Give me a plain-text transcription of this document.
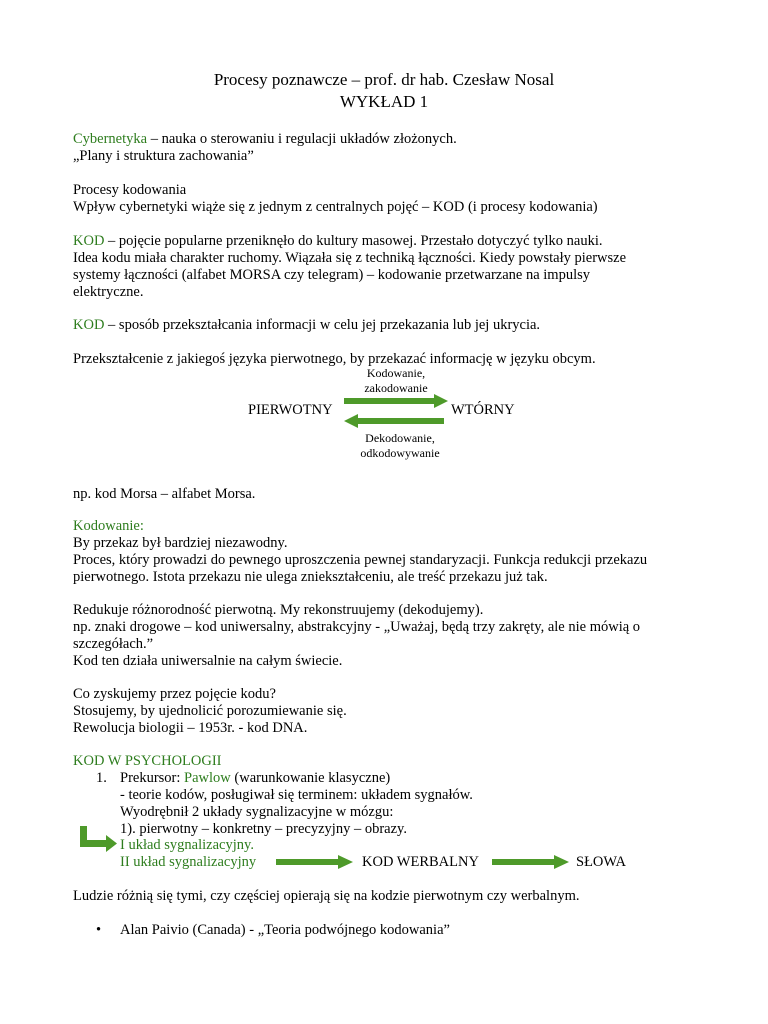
Procesy poznawcze – prof. dr hab. Czesław Nosal
WYKŁAD 1
Cybernetyka – nauka o sterowaniu i regulacji układów złożonych.
„Plany i struktura zachowania”
Procesy kodowania
Wpływ cybernetyki wiąże się z jednym z centralnych pojęć – KOD (i procesy kodowania)
KOD – pojęcie popularne przeniknęło do kultury masowej. Przestało dotyczyć tylko nauki.
Idea kodu miała charakter ruchomy. Wiązała się z techniką łączności. Kiedy powstały pierwsze
systemy łączności (alfabet MORSA czy telegram) – kodowanie przetwarzane na impulsy
elektryczne.
KOD – sposób przekształcania informacji w celu jej przekazania lub jej ukrycia.
Przekształcenie z jakiegoś języka pierwotnego, by przekazać informację w języku obcym.
Kodowanie,
zakodowanie
PIERWOTNY	WTÓRNY
Dekodowanie,
odkodowywanie
np. kod Morsa – alfabet Morsa.
Kodowanie:
By przekaz był bardziej niezawodny.
Proces, który prowadzi do pewnego uproszczenia pewnej standaryzacji. Funkcja redukcji przekazu
pierwotnego. Istota przekazu nie ulega zniekształceniu, ale treść przekazu już tak.
Redukuje różnorodność pierwotną. My rekonstruujemy (dekodujemy).
np. znaki drogowe – kod uniwersalny, abstrakcyjny - „Uważaj, będą trzy zakręty, ale nie mówią o
szczegółach.”
Kod ten działa uniwersalnie na całym świecie.
Co zyskujemy przez pojęcie kodu?
Stosujemy, by ujednolicić porozumiewanie się.
Rewolucja biologii – 1953r. - kod DNA.
KOD W PSYCHOLOGII
1. Prekursor: Pawlow (warunkowanie klasyczne)
- teorie kodów, posługiwał się terminem: układem sygnałów.
Wyodrębnił 2 układy sygnalizacyjne w mózgu:
1). pierwotny – konkretny – precyzyjny – obrazy.
I układ sygnalizacyjny.
II układ sygnalizacyjny	KOD WERBALNY	SŁOWA
Ludzie różnią się tymi, czy częściej opierają się na kodzie pierwotnym czy werbalnym.
• Alan Paivio (Canada) - „Teoria podwójnego kodowania”
